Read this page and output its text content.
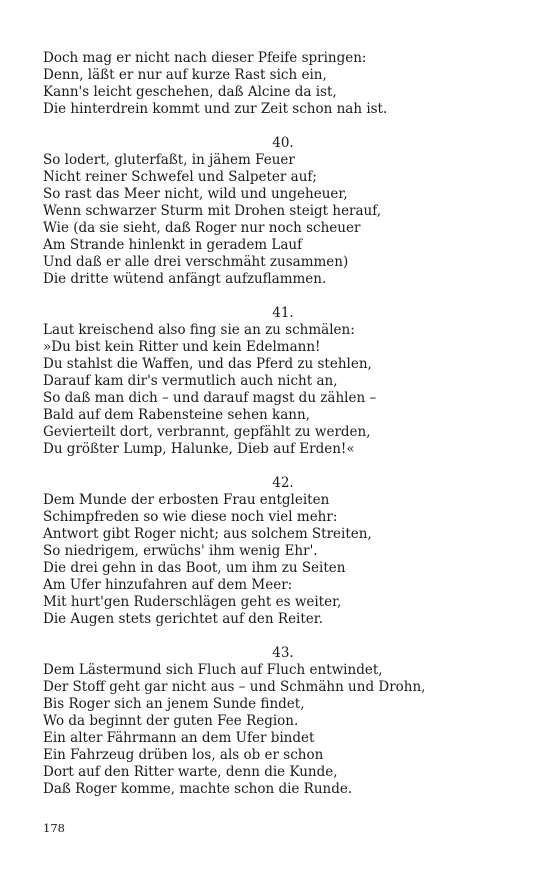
Doch mag er nicht nach dieser Pfeife springen:
Denn, läßt er nur auf kurze Rast sich ein,
Kann's leicht geschehen, daß Alcine da ist,
Die hinterdrein kommt und zur Zeit schon nah ist.
40.
So lodert, gluterfaßt, in jähem Feuer
Nicht reiner Schwefel und Salpeter auf;
So rast das Meer nicht, wild und ungeheuer,
Wenn schwarzer Sturm mit Drohen steigt herauf,
Wie (da sie sieht, daß Roger nur noch scheuer
Am Strande hinlenkt in geradem Lauf
Und daß er alle drei verschmäht zusammen)
Die dritte wütend anfängt aufzuflammen.
41.
Laut kreischend also fing sie an zu schmälen:
»Du bist kein Ritter und kein Edelmann!
Du stahlst die Waffen, und das Pferd zu stehlen,
Darauf kam dir's vermutlich auch nicht an,
So daß man dich – und darauf magst du zählen –
Bald auf dem Rabensteine sehen kann,
Gevierteilt dort, verbrannt, gepfählt zu werden,
Du größter Lump, Halunke, Dieb auf Erden!«
42.
Dem Munde der erbosten Frau entgleiten
Schimpfreden so wie diese noch viel mehr:
Antwort gibt Roger nicht; aus solchem Streiten,
So niedrigem, erwüchs' ihm wenig Ehr'.
Die drei gehn in das Boot, um ihm zu Seiten
Am Ufer hinzufahren auf dem Meer:
Mit hurt'gen Ruderschlägen geht es weiter,
Die Augen stets gerichtet auf den Reiter.
43.
Dem Lästermund sich Fluch auf Fluch entwindet,
Der Stoff geht gar nicht aus – und Schmähn und Drohn,
Bis Roger sich an jenem Sunde findet,
Wo da beginnt der guten Fee Region.
Ein alter Fährmann an dem Ufer bindet
Ein Fahrzeug drüben los, als ob er schon
Dort auf den Ritter warte, denn die Kunde,
Daß Roger komme, machte schon die Runde.
178
